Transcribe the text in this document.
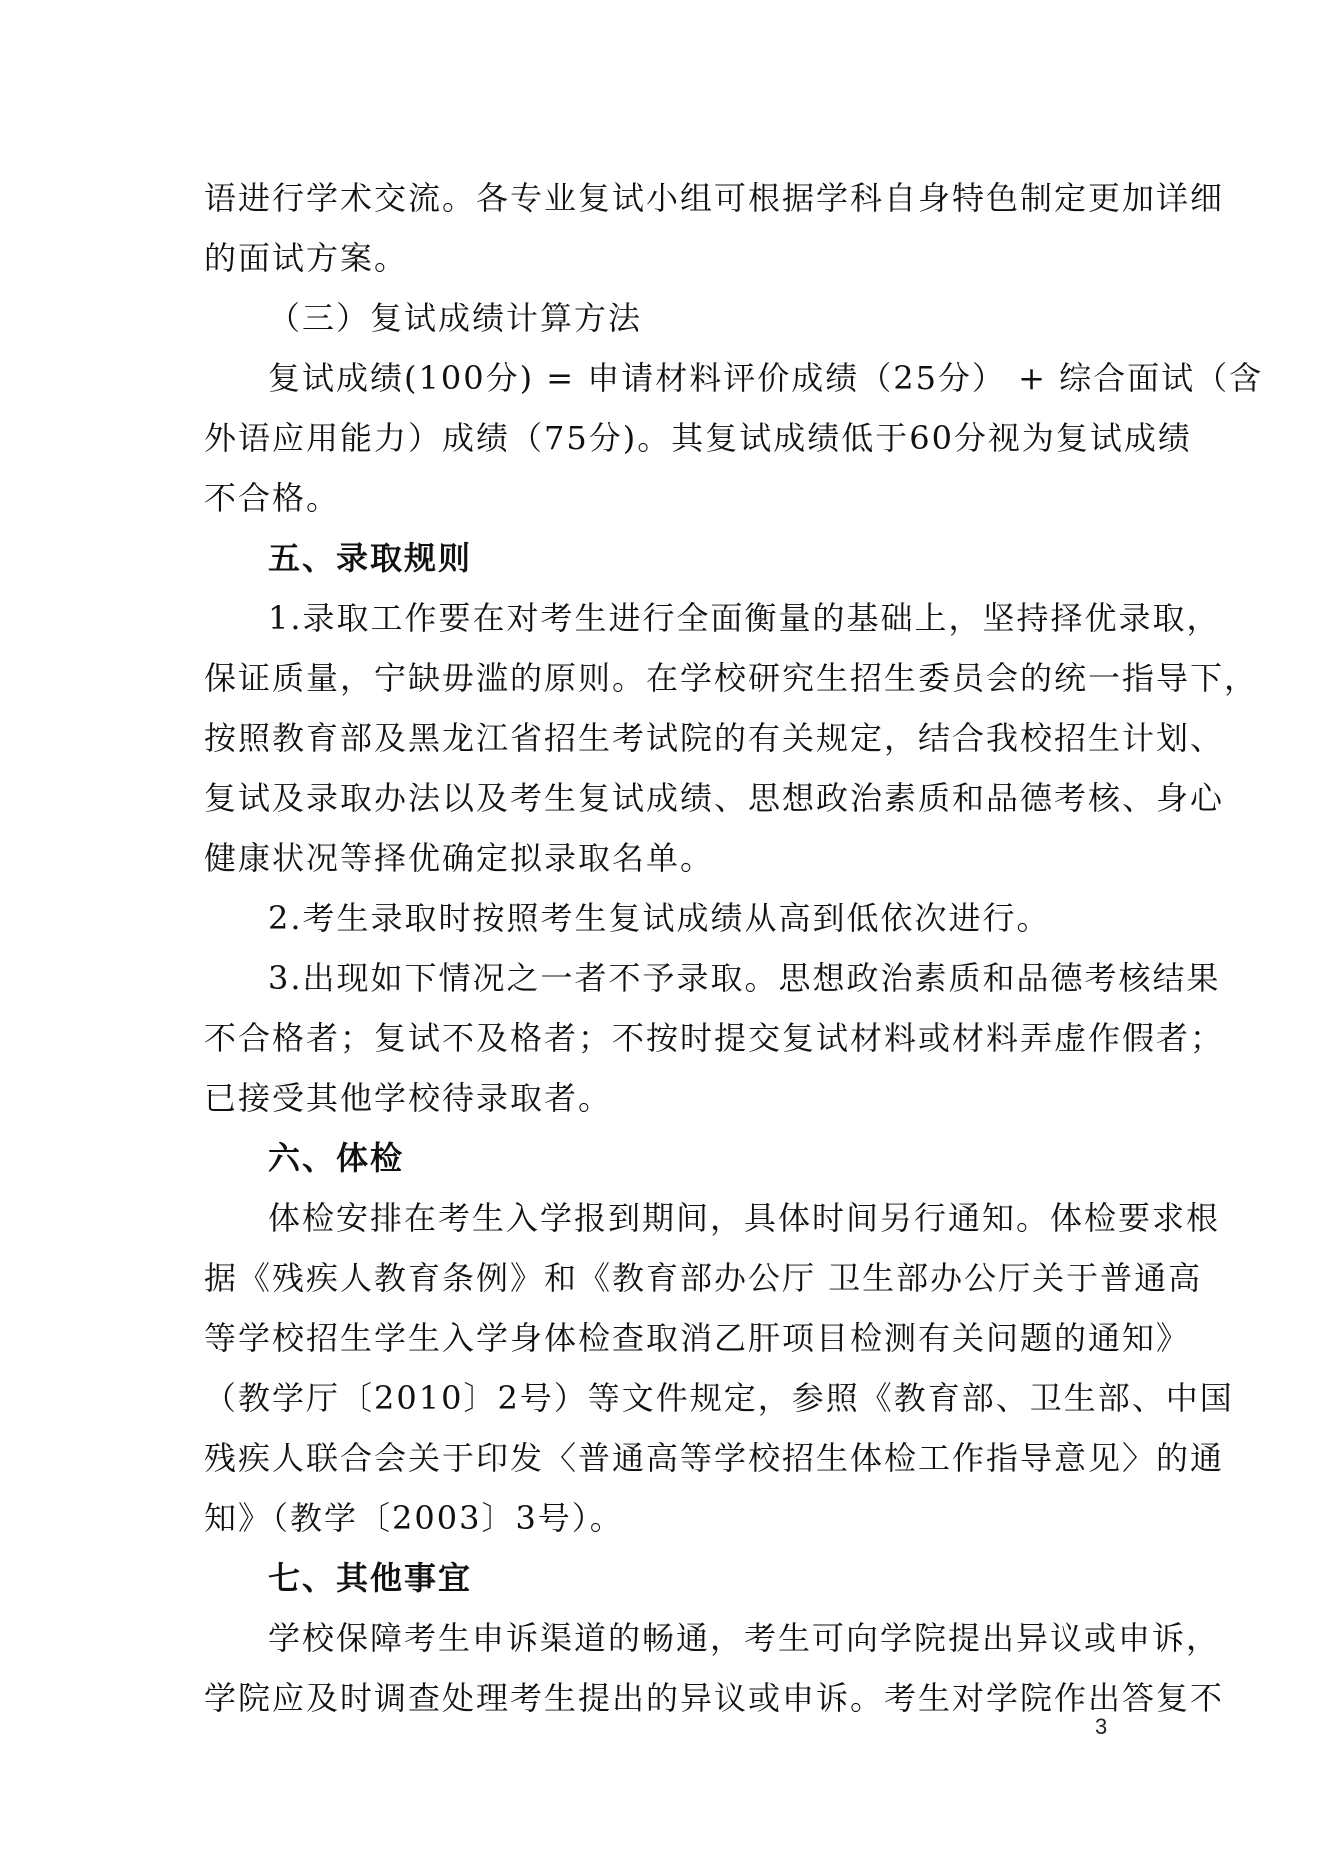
语进行学术交流。各专业复试小组可根据学科自身特色制定更加详细
的面试方案。
（三）复试成绩计算方法
复试成绩(100分) = 申请材料评价成绩（25分） + 综合面试（含
外语应用能力）成绩（75分)。其复试成绩低于60分视为复试成绩
不合格。
五、录取规则
1.录取工作要在对考生进行全面衡量的基础上，坚持择优录取，
保证质量，宁缺毋滥的原则。在学校研究生招生委员会的统一指导下，
按照教育部及黑龙江省招生考试院的有关规定，结合我校招生计划、
复试及录取办法以及考生复试成绩、思想政治素质和品德考核、身心
健康状况等择优确定拟录取名单。
2.考生录取时按照考生复试成绩从高到低依次进行。
3.出现如下情况之一者不予录取。思想政治素质和品德考核结果
不合格者；复试不及格者；不按时提交复试材料或材料弄虚作假者；
已接受其他学校待录取者。
六、体检
体检安排在考生入学报到期间，具体时间另行通知。体检要求根
据《残疾人教育条例》和《教育部办公厅 卫生部办公厅关于普通高
等学校招生学生入学身体检查取消乙肝项目检测有关问题的通知》
（教学厅〔2010〕2号）等文件规定，参照《教育部、卫生部、中国
残疾人联合会关于印发〈普通高等学校招生体检工作指导意见〉的通
知》（教学〔2003〕3号）。
七、其他事宜
学校保障考生申诉渠道的畅通，考生可向学院提出异议或申诉，
学院应及时调查处理考生提出的异议或申诉。考生对学院作出答复不
3
